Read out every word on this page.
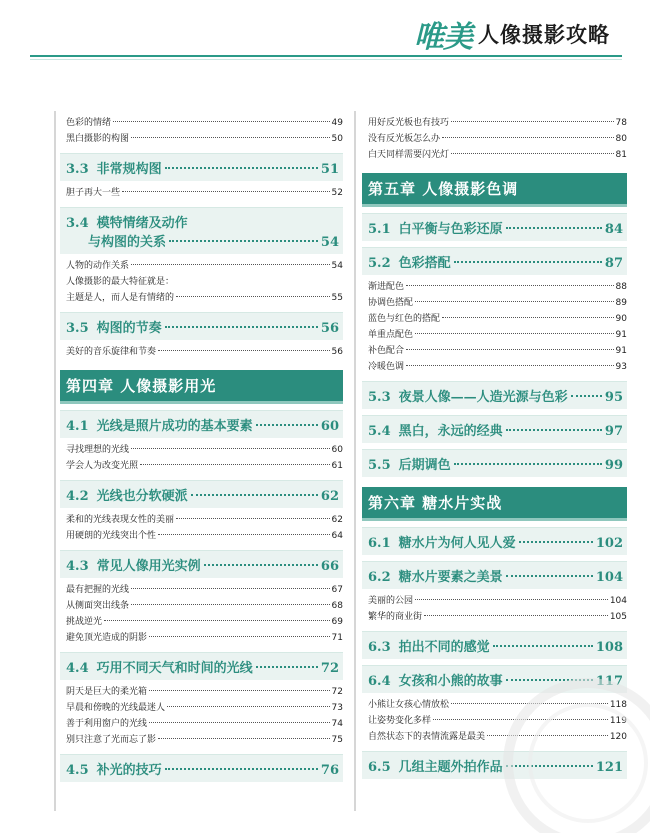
唯美 人像摄影攻略
色彩的情绪	49
黑白摄影的构图	50
3.3 非常规构图	51
胆子再大一些	52
3.4 模特情绪及动作
与构图的关系	54
人物的动作关系	54
人像摄影的最大特征就是：
主题是人，而人是有情绪的	55
3.5 构图的节奏	56
美好的音乐旋律和节奏	56
第四章 人像摄影用光
4.1 光线是照片成功的基本要素	60
寻找理想的光线	60
学会人为改变光照	61
4.2 光线也分软硬派	62
柔和的光线表现女性的美丽	62
用硬朗的光线突出个性	64
4.3 常见人像用光实例	66
最有把握的光线	67
从侧面突出线条	68
挑战逆光	69
避免顶光造成的阴影	71
4.4 巧用不同天气和时间的光线	72
阴天是巨大的柔光箱	72
早晨和傍晚的光线最迷人	73
善于利用窗户的光线	74
别只注意了光而忘了影	75
4.5 补光的技巧	76
用好反光板也有技巧	78
没有反光板怎么办	80
白天同样需要闪光灯	81
第五章 人像摄影色调
5.1 白平衡与色彩还原	84
5.2 色彩搭配	87
渐进配色	88
协调色搭配	89
蓝色与红色的搭配	90
单重点配色	91
补色配合	91
冷暖色调	93
5.3 夜景人像——人造光源与色彩	95
5.4 黑白，永远的经典	97
5.5 后期调色	99
第六章 糖水片实战
6.1 糖水片为何人见人爱	102
6.2 糖水片要素之美景	104
美丽的公园	104
繁华的商业街	105
6.3 拍出不同的感觉	108
6.4 女孩和小熊的故事	117
小熊让女孩心情放松	118
让姿势变化多样	119
自然状态下的表情流露是最美	120
6.5 几组主题外拍作品	121
